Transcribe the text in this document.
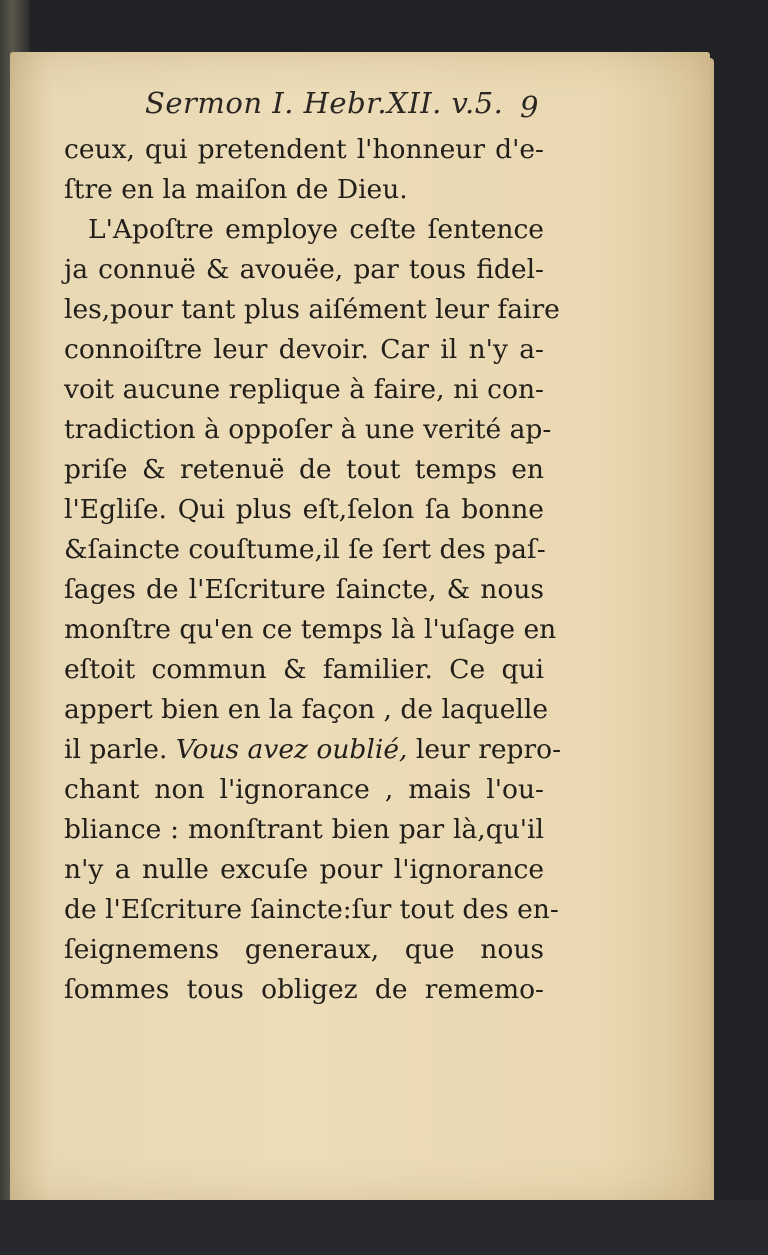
Sermon I. Hebr.XII. v.5. 9
ceux, qui pretendent l'honneur d'e-
ſtre en la maiſon de Dieu.
L'Apoſtre employe ceſte ſentence
ja connuë & avouëe, par tous fidel-
les,pour tant plus aiſément leur faire
connoiſtre leur devoir. Car il n'y a-
voit aucune replique à faire, ni con-
tradiction à oppoſer à une verité ap-
priſe & retenuë de tout temps en
l'Egliſe. Qui plus eſt,ſelon ſa bonne
&ſaincte couſtume,il ſe ſert des paſ-
ſages de l'Eſcriture ſaincte, & nous
monſtre qu'en ce temps là l'uſage en
eſtoit commun & familier. Ce qui
appert bien en la façon , de laquelle
il parle. Vous avez oublié, leur repro-
chant non l'ignorance , mais l'ou-
bliance : monſtrant bien par là,qu'il
n'y a nulle excuſe pour l'ignorance
de l'Eſcriture ſaincte:ſur tout des en-
ſeignemens generaux, que nous
ſommes tous obligez de rememo-
